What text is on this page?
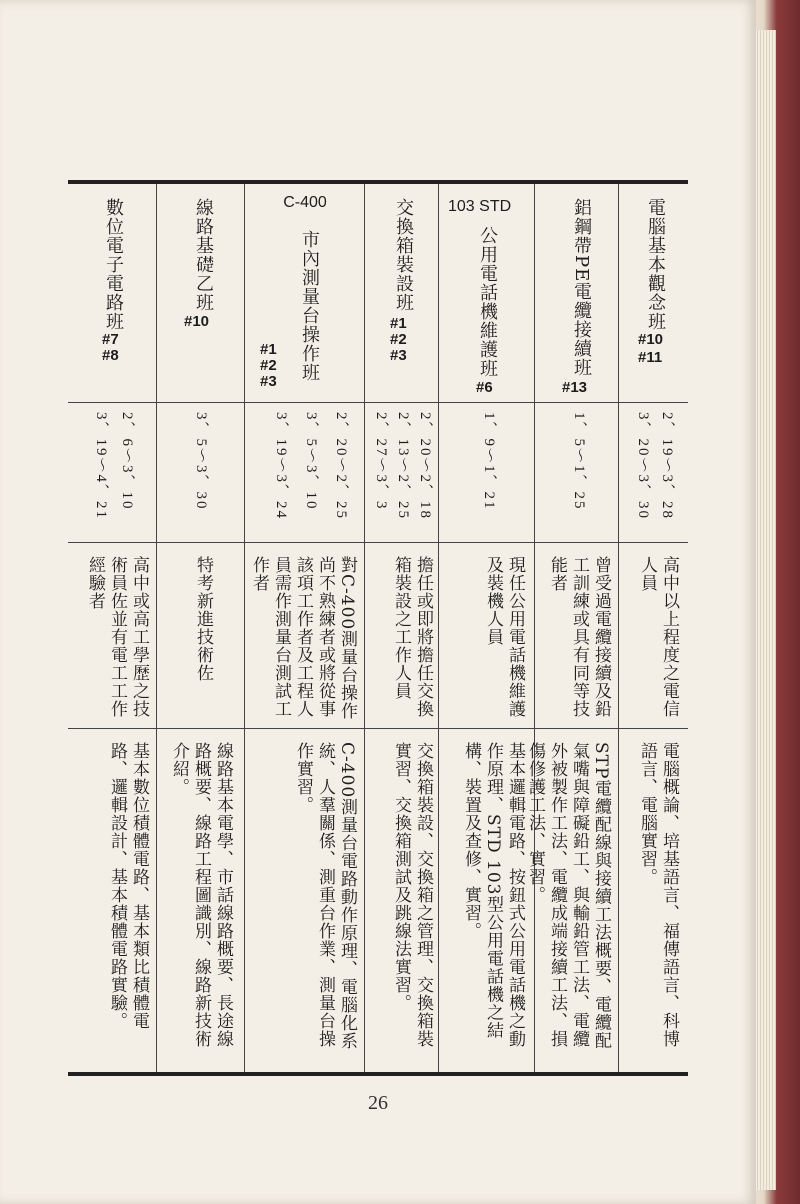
電腦基本觀念班
#10
#11
2、19～3、28
3、20～3、30
高中以上程度之電信人員
電腦概論、培基語言、福傳語言、科博語言、電腦實習。
鋁鋼帶PE電纜接續班
#13
1、5～1、25
曾受過電纜接續及鉛工訓練或具有同等技能者
STP電纜配線與接續工法概要、電纜配氣嘴與障礙鉛工、與輸鉛管工法、電纜外被製作工法、電纜成端接續工法、損傷修護工法、實習。
103 STD
公用電話機維護班
#6
1、9～1、21
現任公用電話機維護及裝機人員
基本邏輯電路、按鈕式公用電話機之動作原理、STD 103型公用電話機之結構、裝置及查修、實習。
交換箱裝設班
#1
#2
#3
2、20～2、18
2、13～2、25
2、27～3、3
擔任或即將擔任交換箱裝設之工作人員
交換箱裝設、交換箱之管理、交換箱裝實習、交換箱測試及跳線法實習。
C-400
市內測量台操作班
#1
#2
#3
2、20～2、25
3、5～3、10
3、19～3、24
對C-400測量台操作尚不熟練者或將從事該項工作者及工程人員需作測量台測試工作者
C-400測量台電路動作原理、電腦化系統、人羣關係、測重台作業、測量台操作實習。
線路基礎乙班
#10
3、5～3、30
特考新進技術佐
線路基本電學、市話線路概要、長途線路概要、線路工程圖識別、線路新技術介紹。
數位電子電路班
#7
#8
2、6～3、10
3、19～4、21
高中或高工學歷之技術員佐並有電工工作經驗者
基本數位積體電路、基本類比積體電路、邏輯設計、基本積體電路實驗。
26
